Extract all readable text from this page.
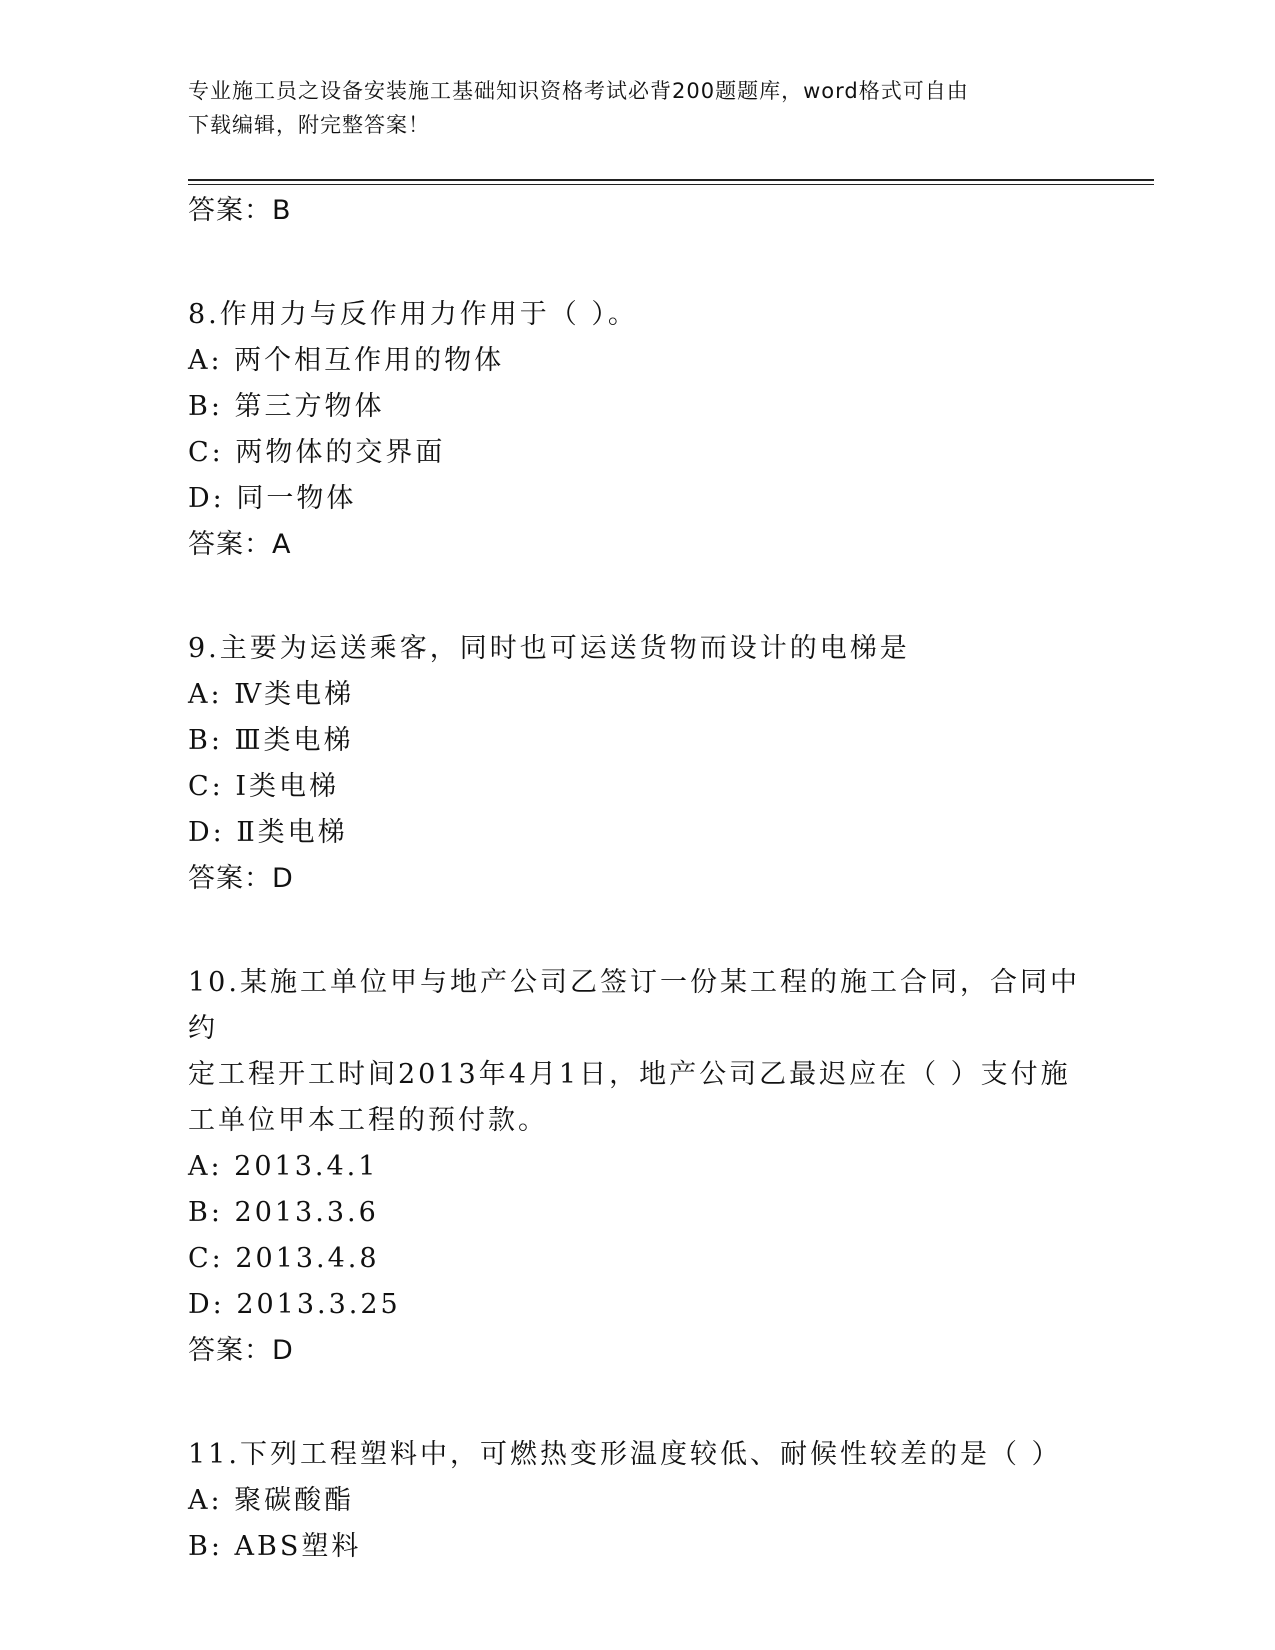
专业施工员之设备安装施工基础知识资格考试必背200题题库，word格式可自由
下载编辑，附完整答案！
答案：B
8.作用力与反作用力作用于（ ）。
A: 两个相互作用的物体
B: 第三方物体
C: 两物体的交界面
D: 同一物体
答案：A
9.主要为运送乘客，同时也可运送货物而设计的电梯是
A: Ⅳ类电梯
B: Ⅲ类电梯
C: Ⅰ类电梯
D: Ⅱ类电梯
答案：D
10.某施工单位甲与地产公司乙签订一份某工程的施工合同，合同中约
定工程开工时间2013年4月1日，地产公司乙最迟应在（ ）支付施
工单位甲本工程的预付款。
A: 2013.4.1
B: 2013.3.6
C: 2013.4.8
D: 2013.3.25
答案：D
11.下列工程塑料中，可燃热变形温度较低、耐候性较差的是（ ）
A: 聚碳酸酯
B: ABS塑料
